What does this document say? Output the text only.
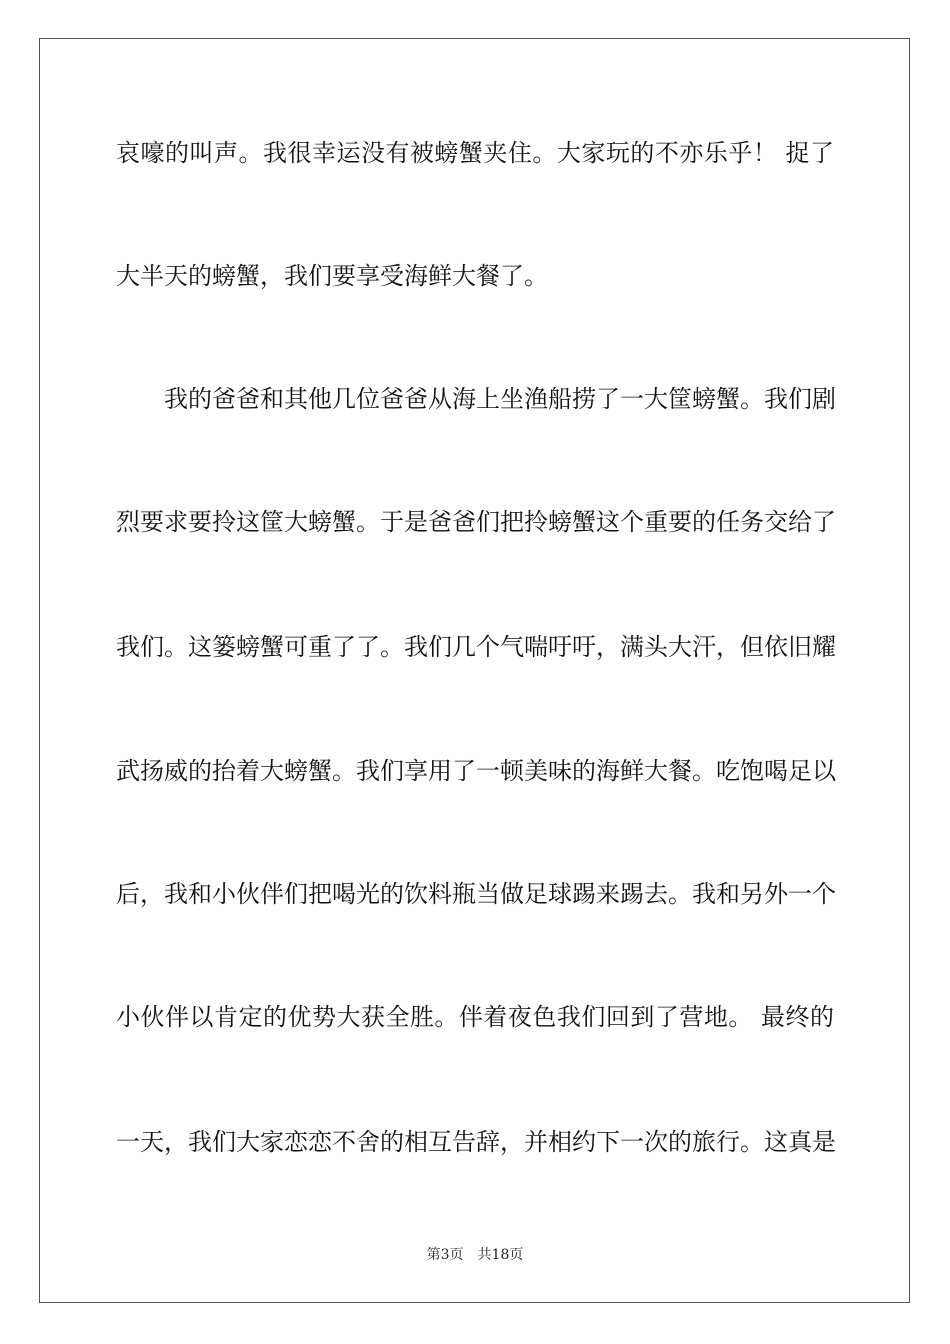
哀嚎的叫声。我很幸运没有被螃蟹夹住。大家玩的不亦乐乎！ 捉了
大半天的螃蟹，我们要享受海鲜大餐了。
我的爸爸和其他几位爸爸从海上坐渔船捞了一大筐螃蟹。我们剧
烈要求要拎这筐大螃蟹。于是爸爸们把拎螃蟹这个重要的任务交给了
我们。这篓螃蟹可重了了。我们几个气喘吁吁，满头大汗，但依旧耀
武扬威的抬着大螃蟹。我们享用了一顿美味的海鲜大餐。吃饱喝足以
后，我和小伙伴们把喝光的饮料瓶当做足球踢来踢去。我和另外一个
小伙伴以肯定的优势大获全胜。伴着夜色我们回到了营地。 最终的
一天，我们大家恋恋不舍的相互告辞，并相约下一次的旅行。这真是
第3页 共18页
